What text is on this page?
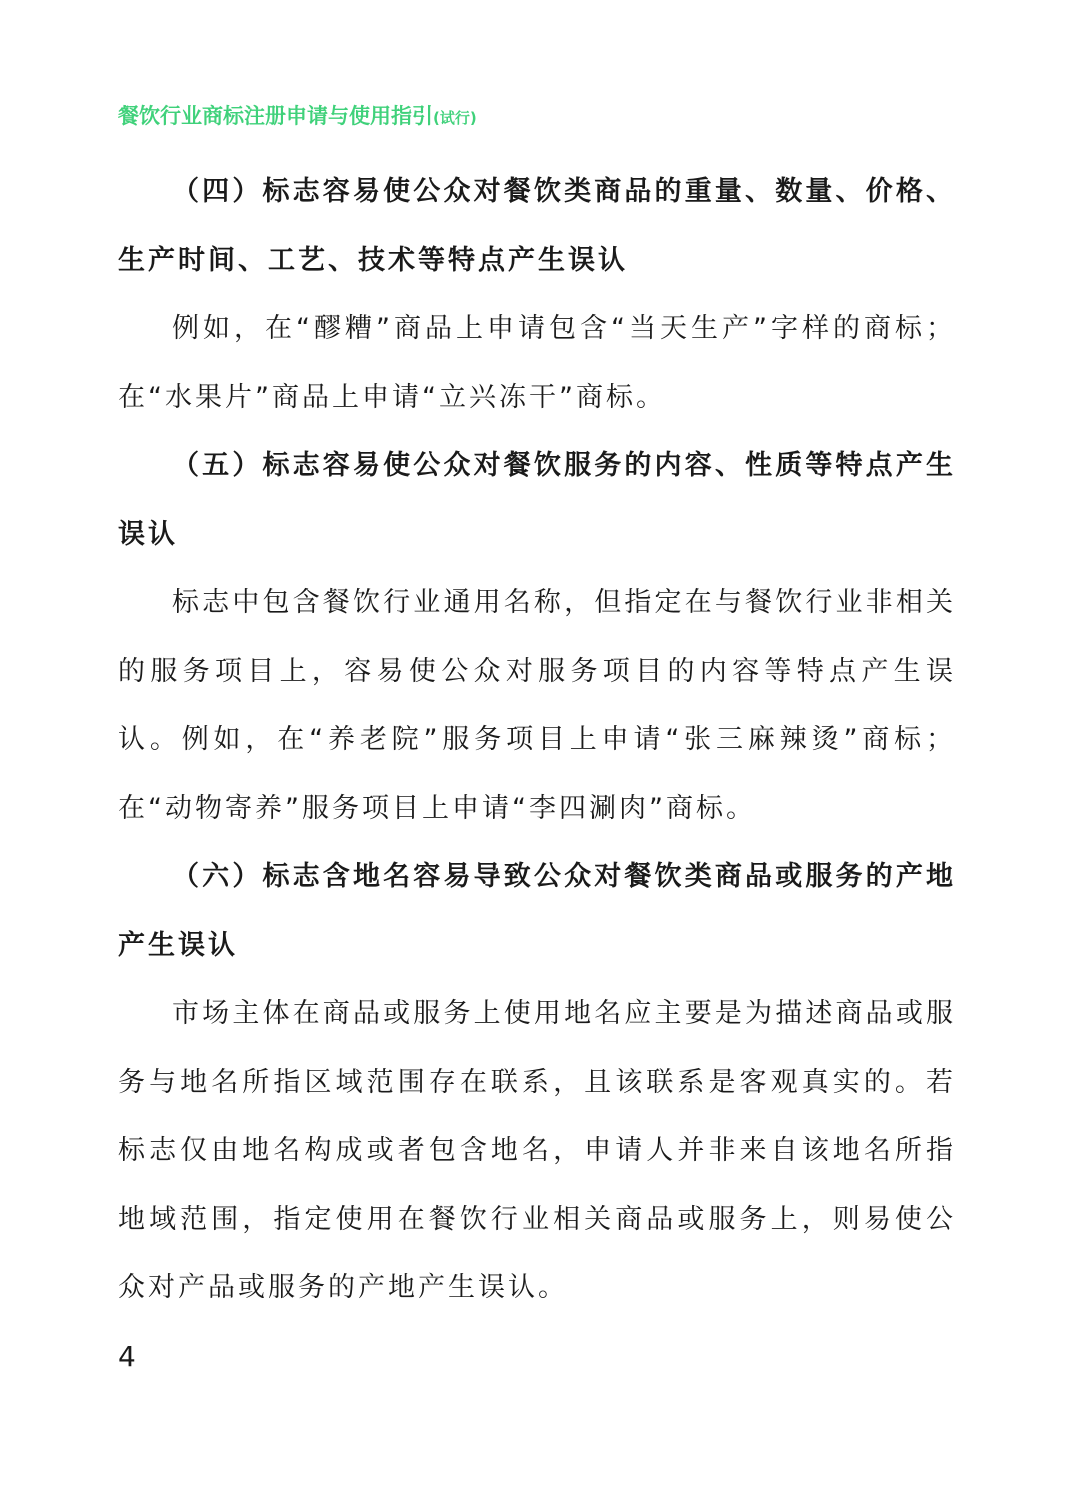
餐饮行业商标注册申请与使用指引(试行)

（四）标志容易使公众对餐饮类商品的重量、数量、价格、生产时间、工艺、技术等特点产生误认

例如，在“醪糟”商品上申请包含“当天生产”字样的商标；在“水果片”商品上申请“立兴冻干”商标。

（五）标志容易使公众对餐饮服务的内容、性质等特点产生误认

标志中包含餐饮行业通用名称，但指定在与餐饮行业非相关的服务项目上，容易使公众对服务项目的内容等特点产生误认。例如，在“养老院”服务项目上申请“张三麻辣烫”商标；在“动物寄养”服务项目上申请“李四涮肉”商标。

（六）标志含地名容易导致公众对餐饮类商品或服务的产地产生误认

市场主体在商品或服务上使用地名应主要是为描述商品或服务与地名所指区域范围存在联系，且该联系是客观真实的。若标志仅由地名构成或者包含地名，申请人并非来自该地名所指地域范围，指定使用在餐饮行业相关商品或服务上，则易使公众对产品或服务的产地产生误认。

4
